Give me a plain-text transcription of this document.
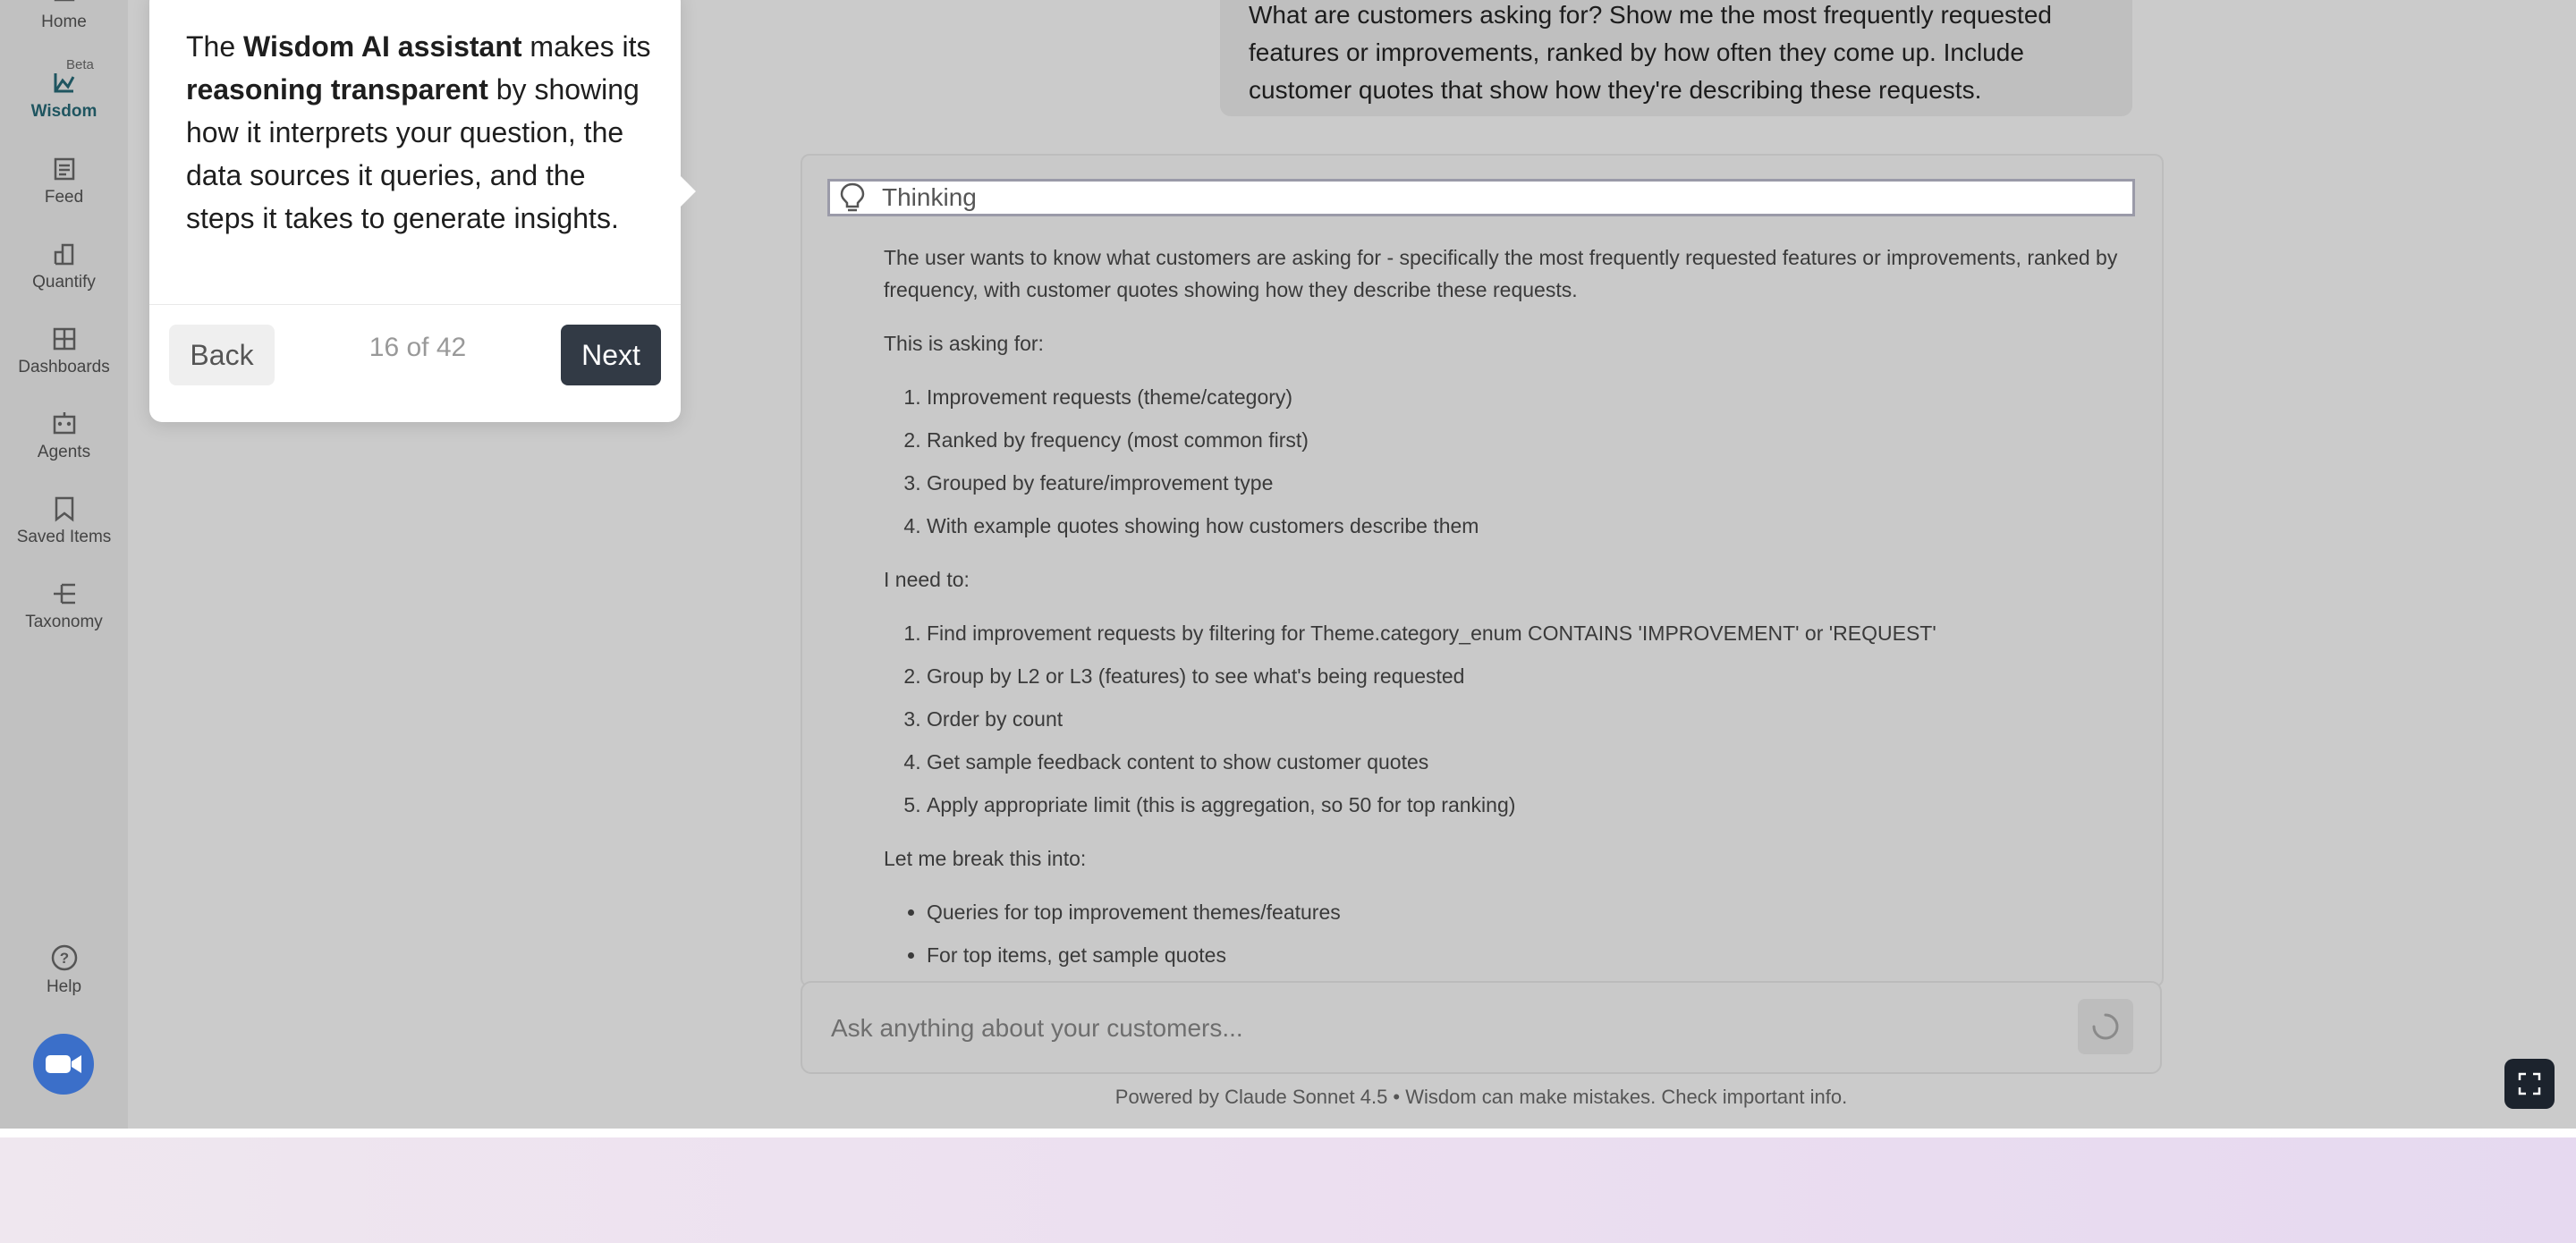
Home
Wisdom
Beta
Feed
Quantify
Dashboards
Agents
Saved Items
Taxonomy
?
Help
What are customers asking for? Show me the most frequently requested features or improvements, ranked by how often they come up. Include customer quotes that show how they're describing these requests.
Thinking

The user wants to know what customers are asking for - specifically the most frequently requested features or improvements, ranked by frequency, with customer quotes showing how they describe these requests.

This is asking for:

1. Improvement requests (theme/category)
2. Ranked by frequency (most common first)
3. Grouped by feature/improvement type
4. With example quotes showing how customers describe them

I need to:

1. Find improvement requests by filtering for Theme.category_enum CONTAINS 'IMPROVEMENT' or 'REQUEST'
2. Group by L2 or L3 (features) to see what's being requested
3. Order by count
4. Get sample feedback content to show customer quotes
5. Apply appropriate limit (this is aggregation, so 50 for top ranking)

Let me break this into:

• Queries for top improvement themes/features
• For top items, get sample quotes
Ask anything about your customers...
Powered by Claude Sonnet 4.5 • Wisdom can make mistakes. Check important info.
The Wisdom AI assistant makes its reasoning transparent by showing how it interprets your question, the data sources it queries, and the steps it takes to generate insights.
Back	16 of 42	Next
